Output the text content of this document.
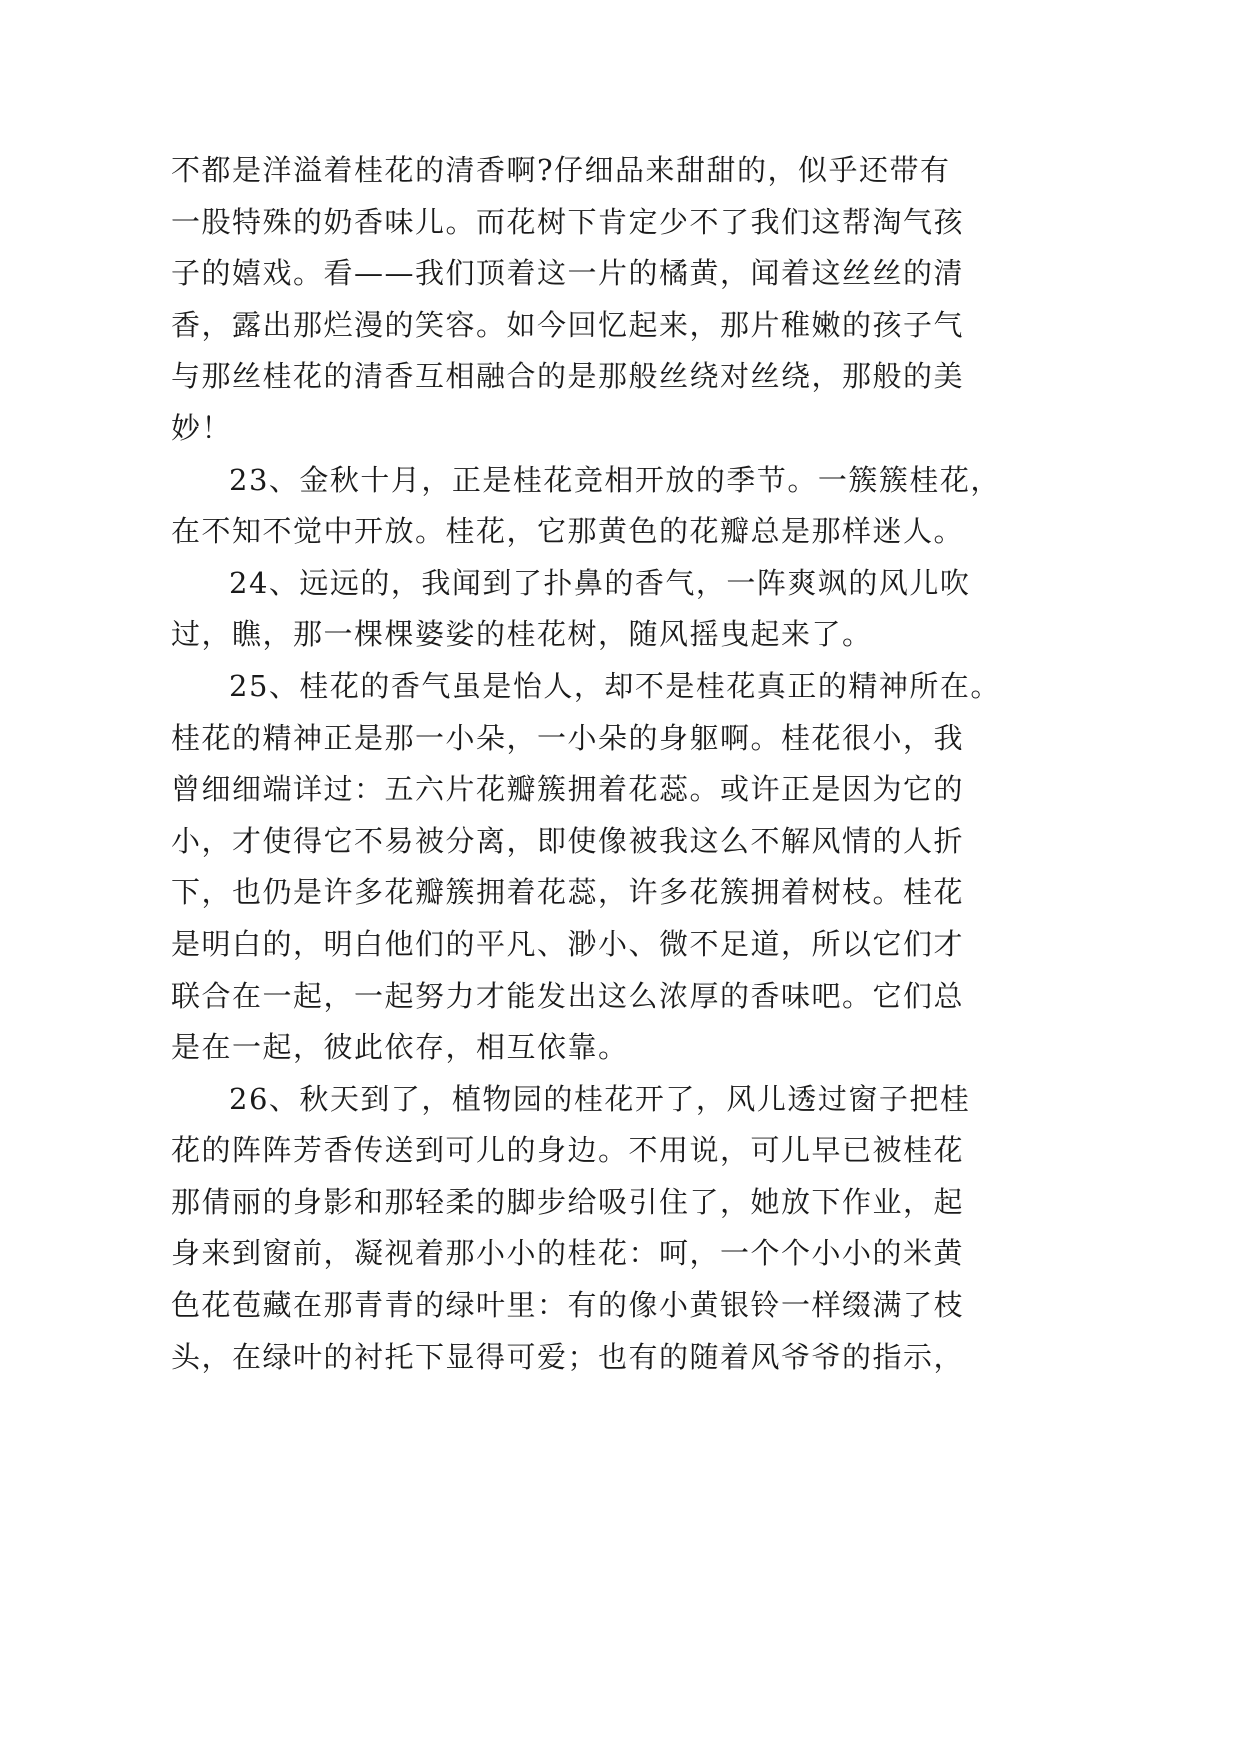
不都是洋溢着桂花的清香啊?仔细品来甜甜的，似乎还带有
一股特殊的奶香味儿。而花树下肯定少不了我们这帮淘气孩
子的嬉戏。看——我们顶着这一片的橘黄，闻着这丝丝的清
香，露出那烂漫的笑容。如今回忆起来，那片稚嫩的孩子气
与那丝桂花的清香互相融合的是那般丝绕对丝绕，那般的美
妙！
23、金秋十月，正是桂花竞相开放的季节。一簇簇桂花，
在不知不觉中开放。桂花，它那黄色的花瓣总是那样迷人。
24、远远的，我闻到了扑鼻的香气，一阵爽飒的风儿吹
过，瞧，那一棵棵婆娑的桂花树，随风摇曳起来了。
25、桂花的香气虽是怡人，却不是桂花真正的精神所在。
桂花的精神正是那一小朵，一小朵的身躯啊。桂花很小，我
曾细细端详过：五六片花瓣簇拥着花蕊。或许正是因为它的
小，才使得它不易被分离，即使像被我这么不解风情的人折
下，也仍是许多花瓣簇拥着花蕊，许多花簇拥着树枝。桂花
是明白的，明白他们的平凡、渺小、微不足道，所以它们才
联合在一起，一起努力才能发出这么浓厚的香味吧。它们总
是在一起，彼此依存，相互依靠。
26、秋天到了，植物园的桂花开了，风儿透过窗子把桂
花的阵阵芳香传送到可儿的身边。不用说，可儿早已被桂花
那倩丽的身影和那轻柔的脚步给吸引住了，她放下作业，起
身来到窗前，凝视着那小小的桂花：呵，一个个小小的米黄
色花苞藏在那青青的绿叶里：有的像小黄银铃一样缀满了枝
头，在绿叶的衬托下显得可爱；也有的随着风爷爷的指示，
